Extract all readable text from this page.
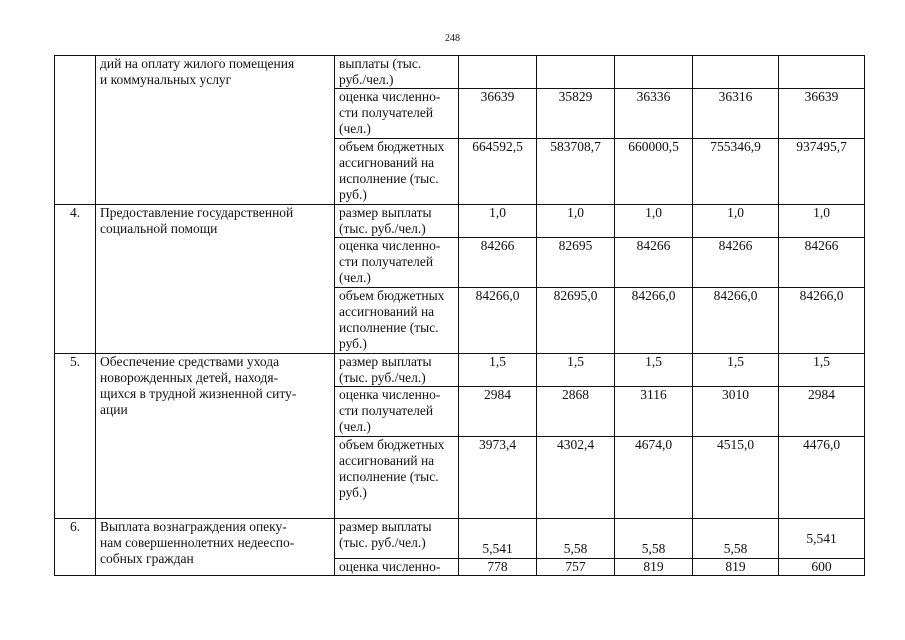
248

	дий на оплату жилого помещения
и коммунальных услуг	выплаты (тыс.
руб./чел.)					

		оценка численно-
сти получателей
(чел.)	36639	35829	36336	36316	36639

		объем бюджетных
ассигнований на
исполнение (тыс.
руб.)	664592,5	583708,7	660000,5	755346,9	937495,7
4.	Предоставление государственной
социальной помощи	размер выплаты
(тыс. руб./чел.)	1,0	1,0	1,0	1,0	1,0

		оценка численно-
сти получателей
(чел.)	84266	82695	84266	84266	84266

		объем бюджетных
ассигнований на
исполнение (тыс.
руб.)	84266,0	82695,0	84266,0	84266,0	84266,0
5.	Обеспечение средствами ухода
новорожденных детей, находя-
щихся в трудной жизненной ситу-
ации	размер выплаты
(тыс. руб./чел.)	1,5	1,5	1,5	1,5	1,5

		оценка численно-
сти получателей
(чел.)	2984	2868	3116	3010	2984

		объем бюджетных
ассигнований на
исполнение (тыс.
руб.)	3973,4	4302,4	4674,0	4515,0	4476,0
6.	Выплата вознаграждения опеку-
нам совершеннолетних недееспо-
собных граждан	размер выплаты
(тыс. руб./чел.)	5,541	5,58	5,58	5,58	5,541

		оценка численно-	778	757	819	819	600
